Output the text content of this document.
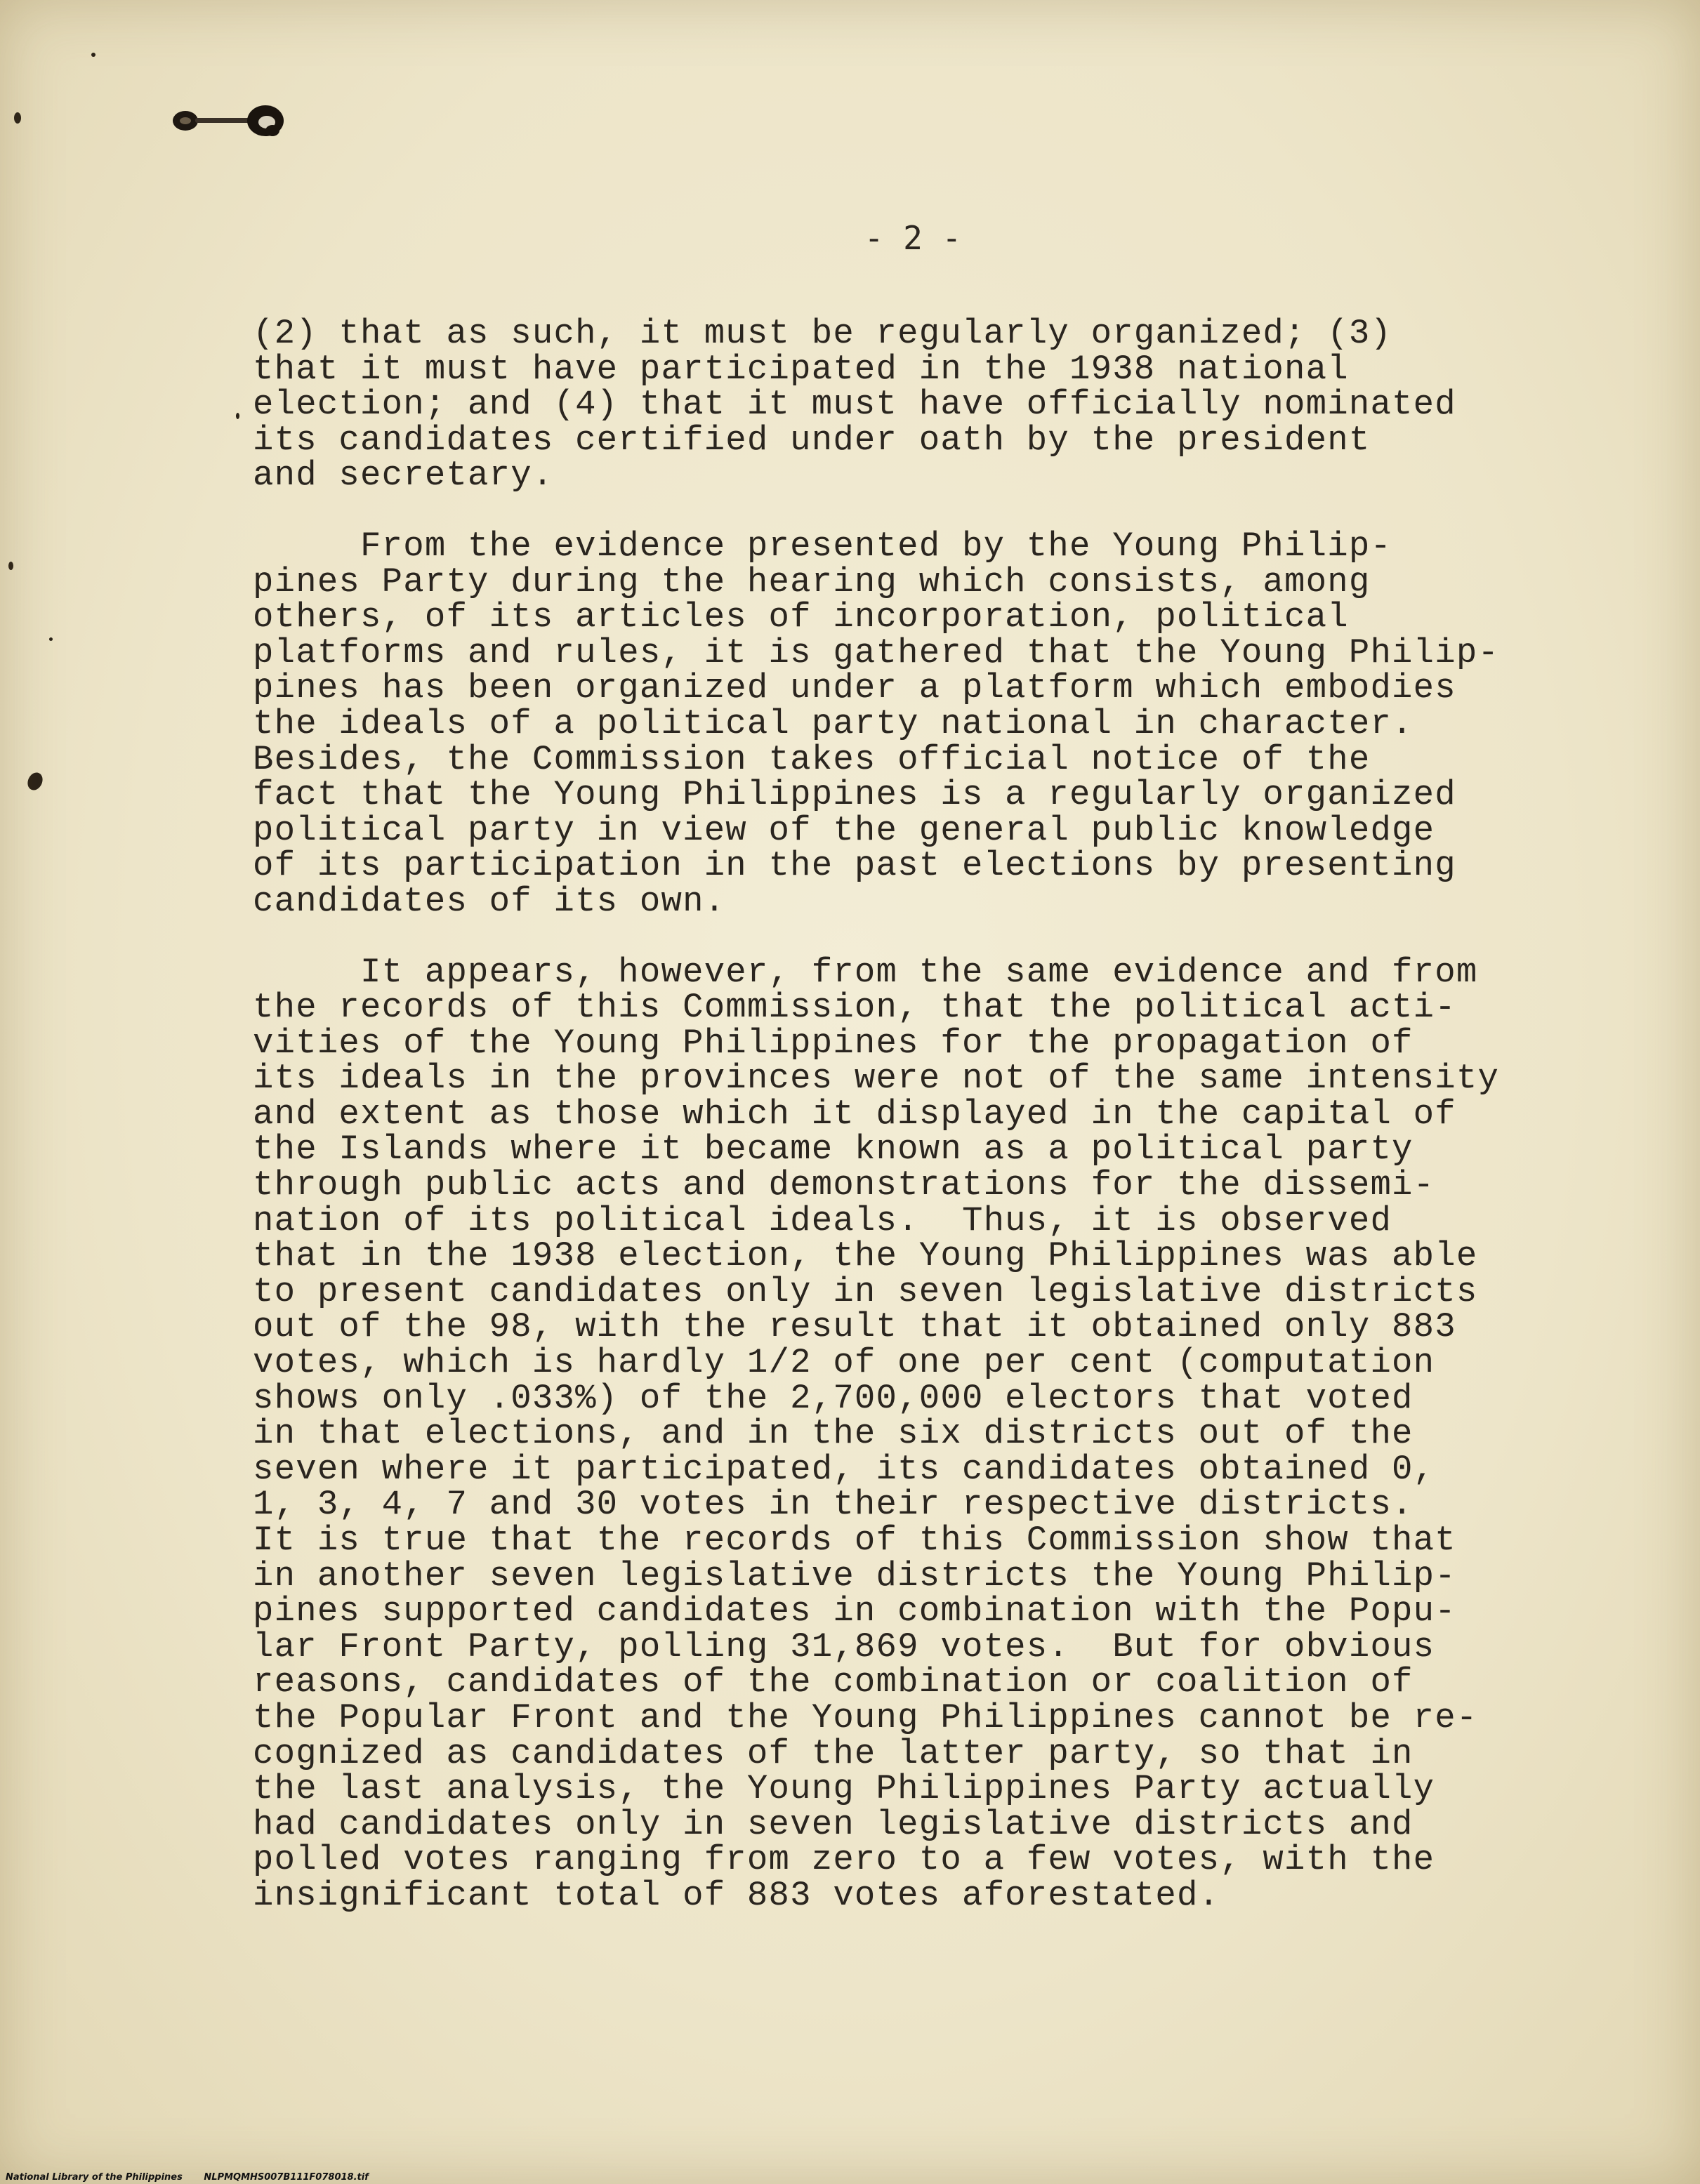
- 2 -
(2) that as such, it must be regularly organized; (3)
that it must have participated in the 1938 national
election; and (4) that it must have officially nominated
its candidates certified under oath by the president
and secretary.
From the evidence presented by the Young Philip-
pines Party during the hearing which consists, among
others, of its articles of incorporation, political
platforms and rules, it is gathered that the Young Philip-
pines has been organized under a platform which embodies
the ideals of a political party national in character.
Besides, the Commission takes official notice of the
fact that the Young Philippines is a regularly organized
political party in view of the general public knowledge
of its participation in the past elections by presenting
candidates of its own.
It appears, however, from the same evidence and from
the records of this Commission, that the political acti-
vities of the Young Philippines for the propagation of
its ideals in the provinces were not of the same intensity
and extent as those which it displayed in the capital of
the Islands where it became known as a political party
through public acts and demonstrations for the dissemi-
nation of its political ideals.  Thus, it is observed
that in the 1938 election, the Young Philippines was able
to present candidates only in seven legislative districts
out of the 98, with the result that it obtained only 883
votes, which is hardly 1/2 of one per cent (computation
shows only .033%) of the 2,700,000 electors that voted
in that elections, and in the six districts out of the
seven where it participated, its candidates obtained 0,
1, 3, 4, 7 and 30 votes in their respective districts.
It is true that the records of this Commission show that
in another seven legislative districts the Young Philip-
pines supported candidates in combination with the Popu-
lar Front Party, polling 31,869 votes.  But for obvious
reasons, candidates of the combination or coalition of
the Popular Front and the Young Philippines cannot be re-
cognized as candidates of the latter party, so that in
the last analysis, the Young Philippines Party actually
had candidates only in seven legislative districts and
polled votes ranging from zero to a few votes, with the
insignificant total of 883 votes aforestated.
National Library of the Philippines NLPMQMHS007B111F078018.tif
